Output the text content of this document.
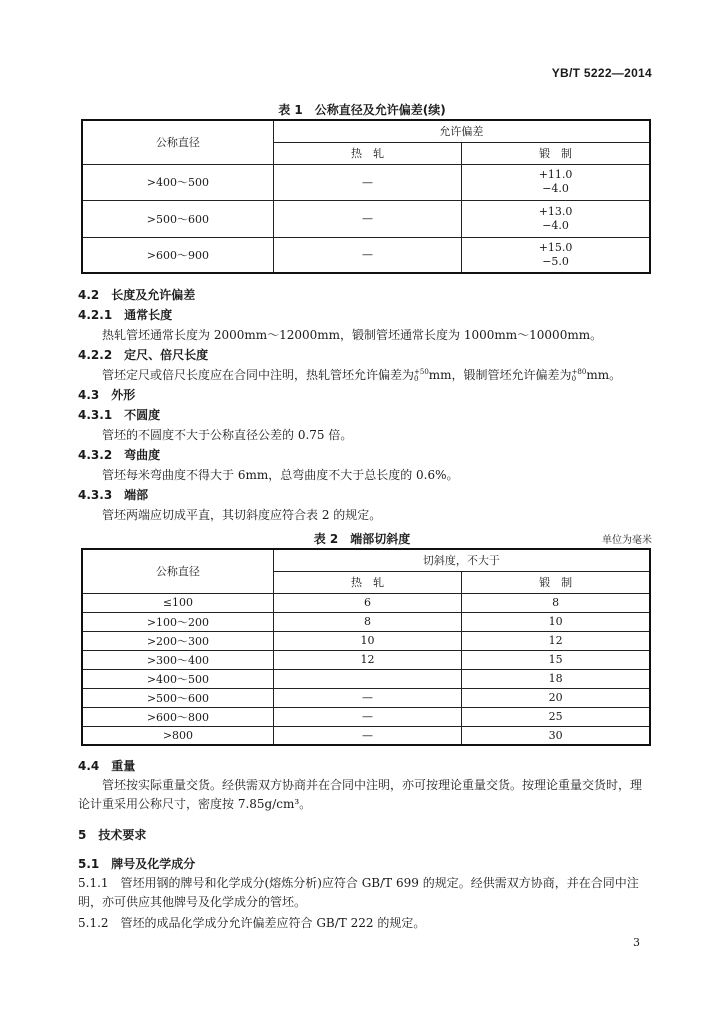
YB/T 5222—2014
表 1　公称直径及允许偏差(续)
公称直径	允许偏差	
	热　轧	锻　制
>400～500	—	+11.0
−4.0

>500～600	—	+13.0
−4.0

>600～900	—	+15.0
−5.0
4.2　长度及允许偏差
4.2.1　通常长度
热轧管坯通常长度为 2000mm～12000mm，锻制管坯通常长度为 1000mm～10000mm。
4.2.2　定尺、倍尺长度
管坯定尺或倍尺长度应在合同中注明，热轧管坯允许偏差为 +50
0 mm，锻制管坯允许偏差为 +80
0 mm。
4.3　外形
4.3.1　不圆度
管坯的不圆度不大于公称直径公差的 0.75 倍。
4.3.2　弯曲度
管坯每米弯曲度不得大于 6mm，总弯曲度不大于总长度的 0.6%。
4.3.3　端部
管坯两端应切成平直，其切斜度应符合表 2 的规定。
表 2　端部切斜度	单位为毫米
公称直径	切斜度，不大于	
	热　轧	锻　制
≤100	6	8
>100～200	8	10
>200～300	10	12
>300～400	12	15
>400～500		18
>500～600	—	20
>600～800	—	25
>800	—	30
4.4　重量
管坯按实际重量交货。经供需双方协商并在合同中注明，亦可按理论重量交货。按理论重量交货时，理论计重采用公称尺寸，密度按 7.85g/cm³。
5　技术要求
5.1　牌号及化学成分
5.1.1　管坯用钢的牌号和化学成分(熔炼分析)应符合 GB/T 699 的规定。经供需双方协商，并在合同中注明，亦可供应其他牌号及化学成分的管坯。
5.1.2　管坯的成品化学成分允许偏差应符合 GB/T 222 的规定。
3
